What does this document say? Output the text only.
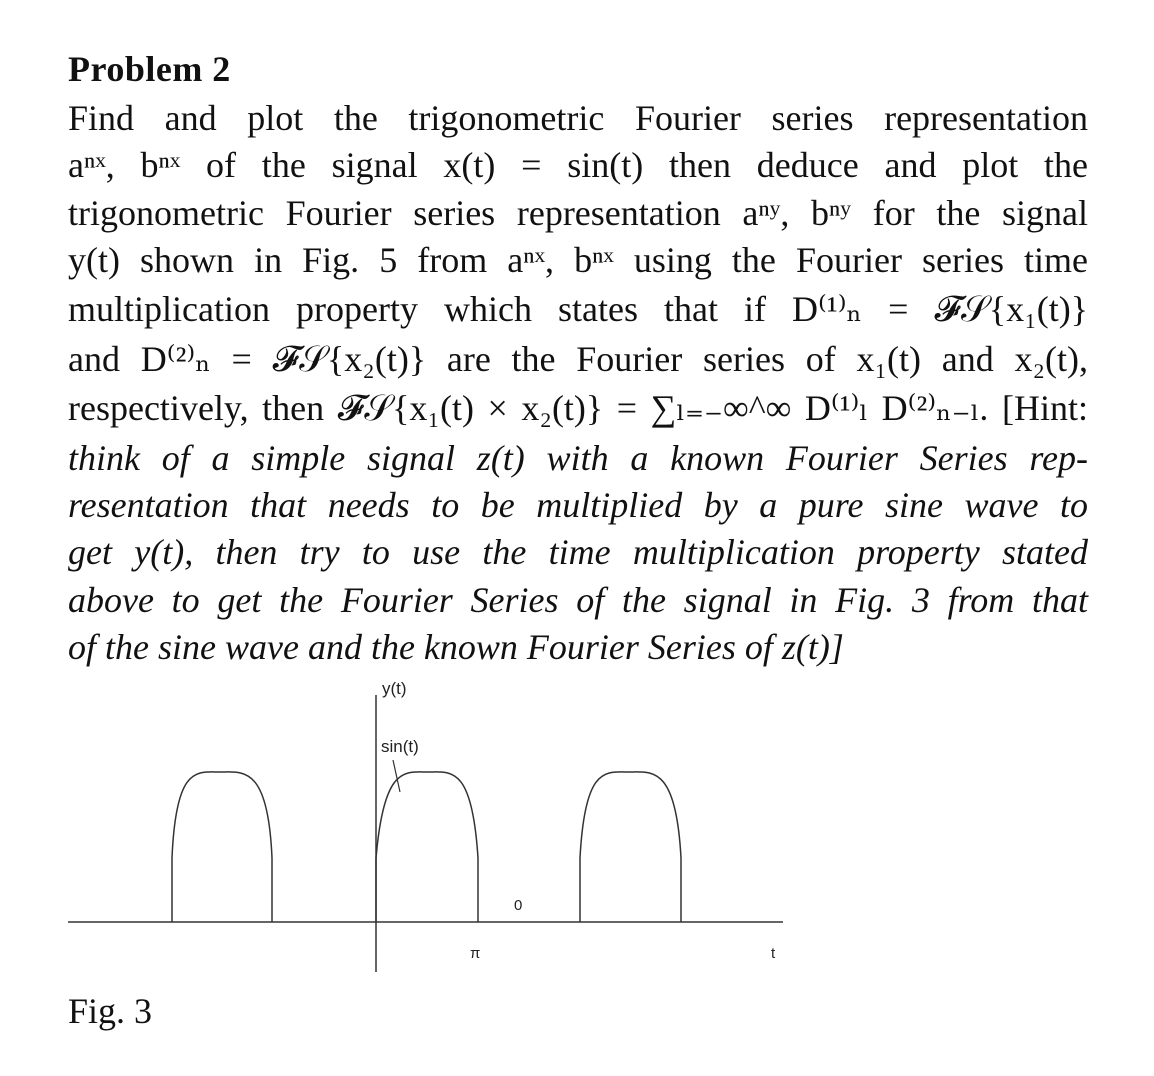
Problem 2
Find and plot the trigonometric Fourier series representation
aⁿˣ, bⁿˣ of the signal x(t) = sin(t) then deduce and plot the
trigonometric Fourier series representation aⁿʸ, bⁿʸ for the signal
y(t) shown in Fig. 5 from aⁿˣ, bⁿˣ using the Fourier series time
multiplication property which states that if D⁽¹⁾ₙ = 𝓕𝒮{x₁(t)}
and D⁽²⁾ₙ = 𝓕𝒮{x₂(t)} are the Fourier series of x₁(t) and x₂(t),
respectively, then 𝓕𝒮{x₁(t) × x₂(t)} = ∑ₗ₌₋∞^∞ D⁽¹⁾ₗ D⁽²⁾ₙ₋ₗ. [Hint:
think of a simple signal z(t) with a known Fourier Series rep-
resentation that needs to be multiplied by a pure sine wave to
get y(t), then try to use the time multiplication property stated
above to get the Fourier Series of the signal in Fig. 3 from that
of the sine wave and the known Fourier Series of z(t)]
y(t)
sin(t)
0
π	t
Fig. 3
